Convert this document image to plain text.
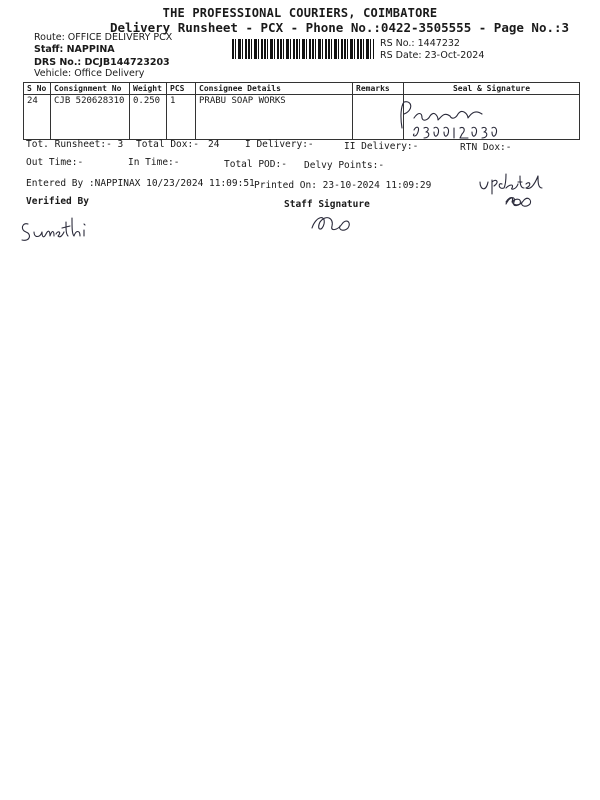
THE PROFESSIONAL COURIERS, COIMBATORE
Delivery Runsheet - PCX - Phone No.:0422-3505555 - Page No.:3
Route: OFFICE DELIVERY PCX
Staff: NAPPINA
DRS No.: DCJB144723203
Vehicle: Office Delivery
RS No.: 1447232
RS Date: 23-Oct-2024
S No	Consignment No	Weight	PCS	Consignee Details	Remarks	Seal & Signature
24	CJB 520628310	0.250	1	PRABU SOAP WORKS		
Tot. Runsheet:- 3 Total Dox:- 24	I Delivery:-	II Delivery:-	RTN Dox:-
Out Time:-	In Time:-	Total POD:- Delvy Points:-
Entered By :NAPPINAX 10/23/2024 11:09:51 Printed On: 23-10-2024 11:09:29
Verified By	Staff Signature
